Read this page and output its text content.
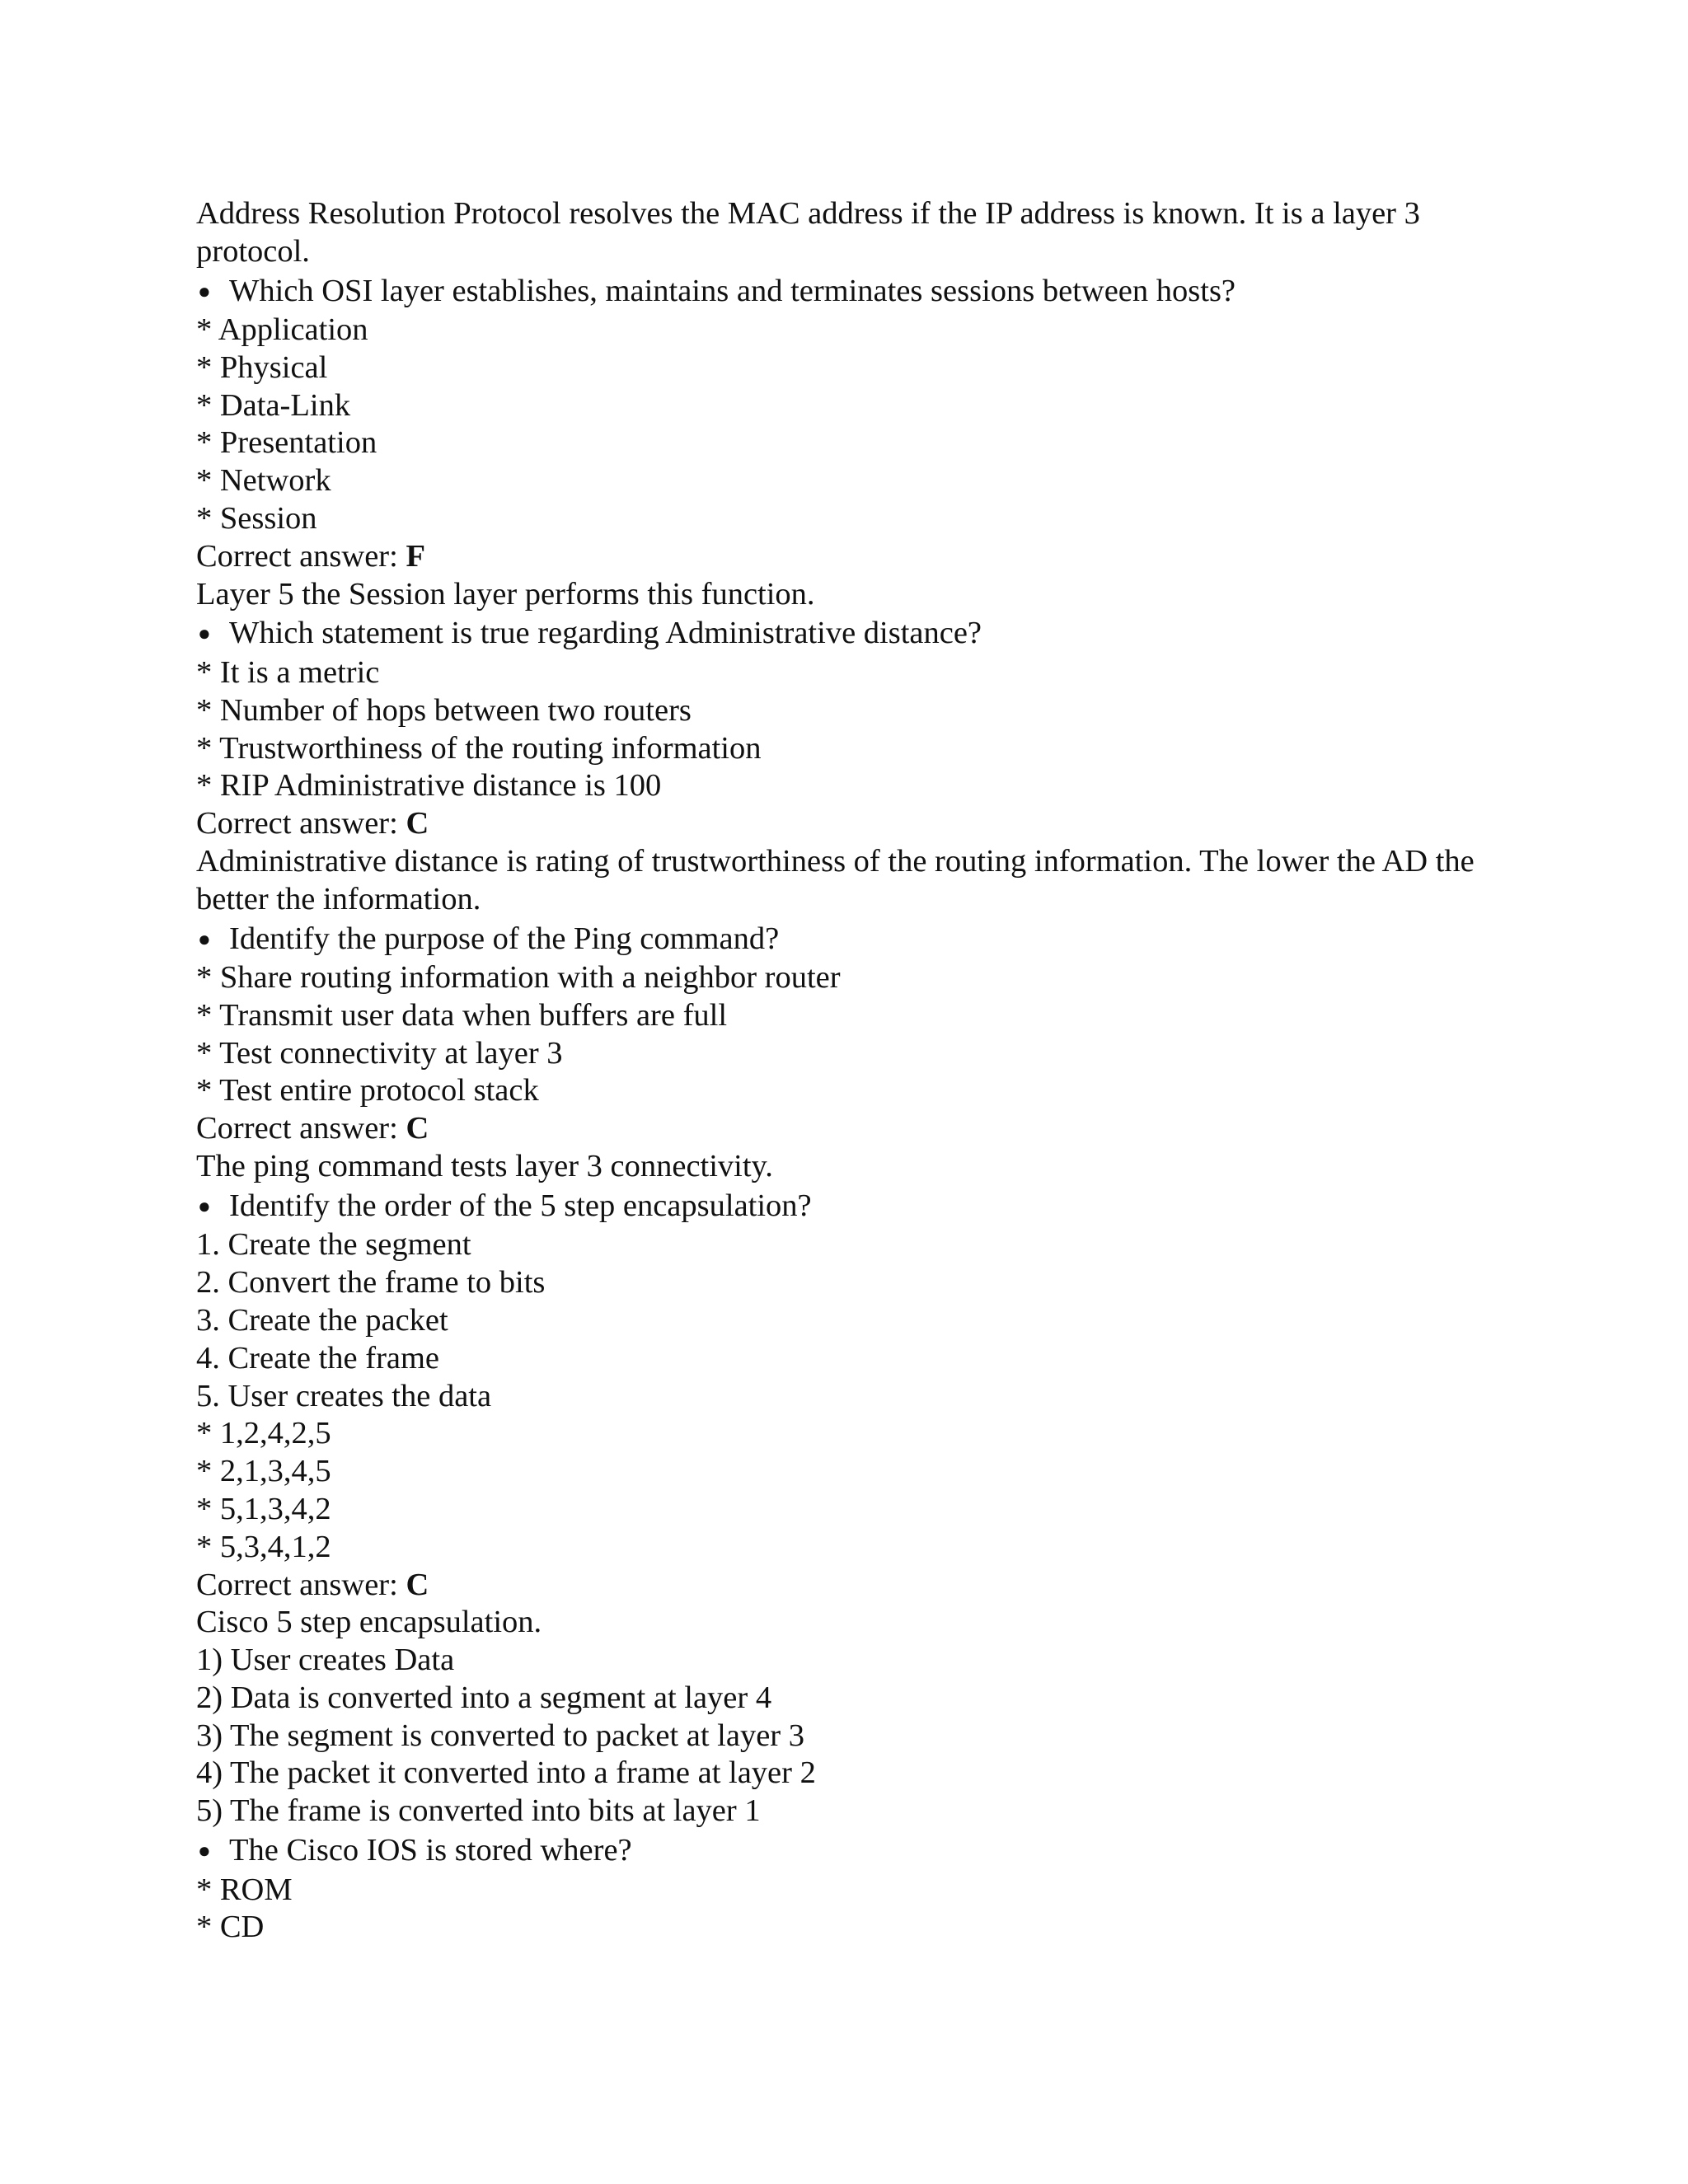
Address Resolution Protocol resolves the MAC address if the IP address is known. It is a layer 3 protocol.
● Which OSI layer establishes, maintains and terminates sessions between hosts?
* Application
* Physical
* Data-Link
* Presentation
* Network
* Session
Correct answer: F
Layer 5 the Session layer performs this function.
● Which statement is true regarding Administrative distance?
* It is a metric
* Number of hops between two routers
* Trustworthiness of the routing information
* RIP Administrative distance is 100
Correct answer: C
Administrative distance is rating of trustworthiness of the routing information. The lower the AD the better the information.
● Identify the purpose of the Ping command?
* Share routing information with a neighbor router
* Transmit user data when buffers are full
* Test connectivity at layer 3
* Test entire protocol stack
Correct answer: C
The ping command tests layer 3 connectivity.
● Identify the order of the 5 step encapsulation?
1. Create the segment
2. Convert the frame to bits
3. Create the packet
4. Create the frame
5. User creates the data
* 1,2,4,2,5
* 2,1,3,4,5
* 5,1,3,4,2
* 5,3,4,1,2
Correct answer: C
Cisco 5 step encapsulation.
1) User creates Data
2) Data is converted into a segment at layer 4
3) The segment is converted to packet at layer 3
4) The packet it converted into a frame at layer 2
5) The frame is converted into bits at layer 1
● The Cisco IOS is stored where?
* ROM
* CD
